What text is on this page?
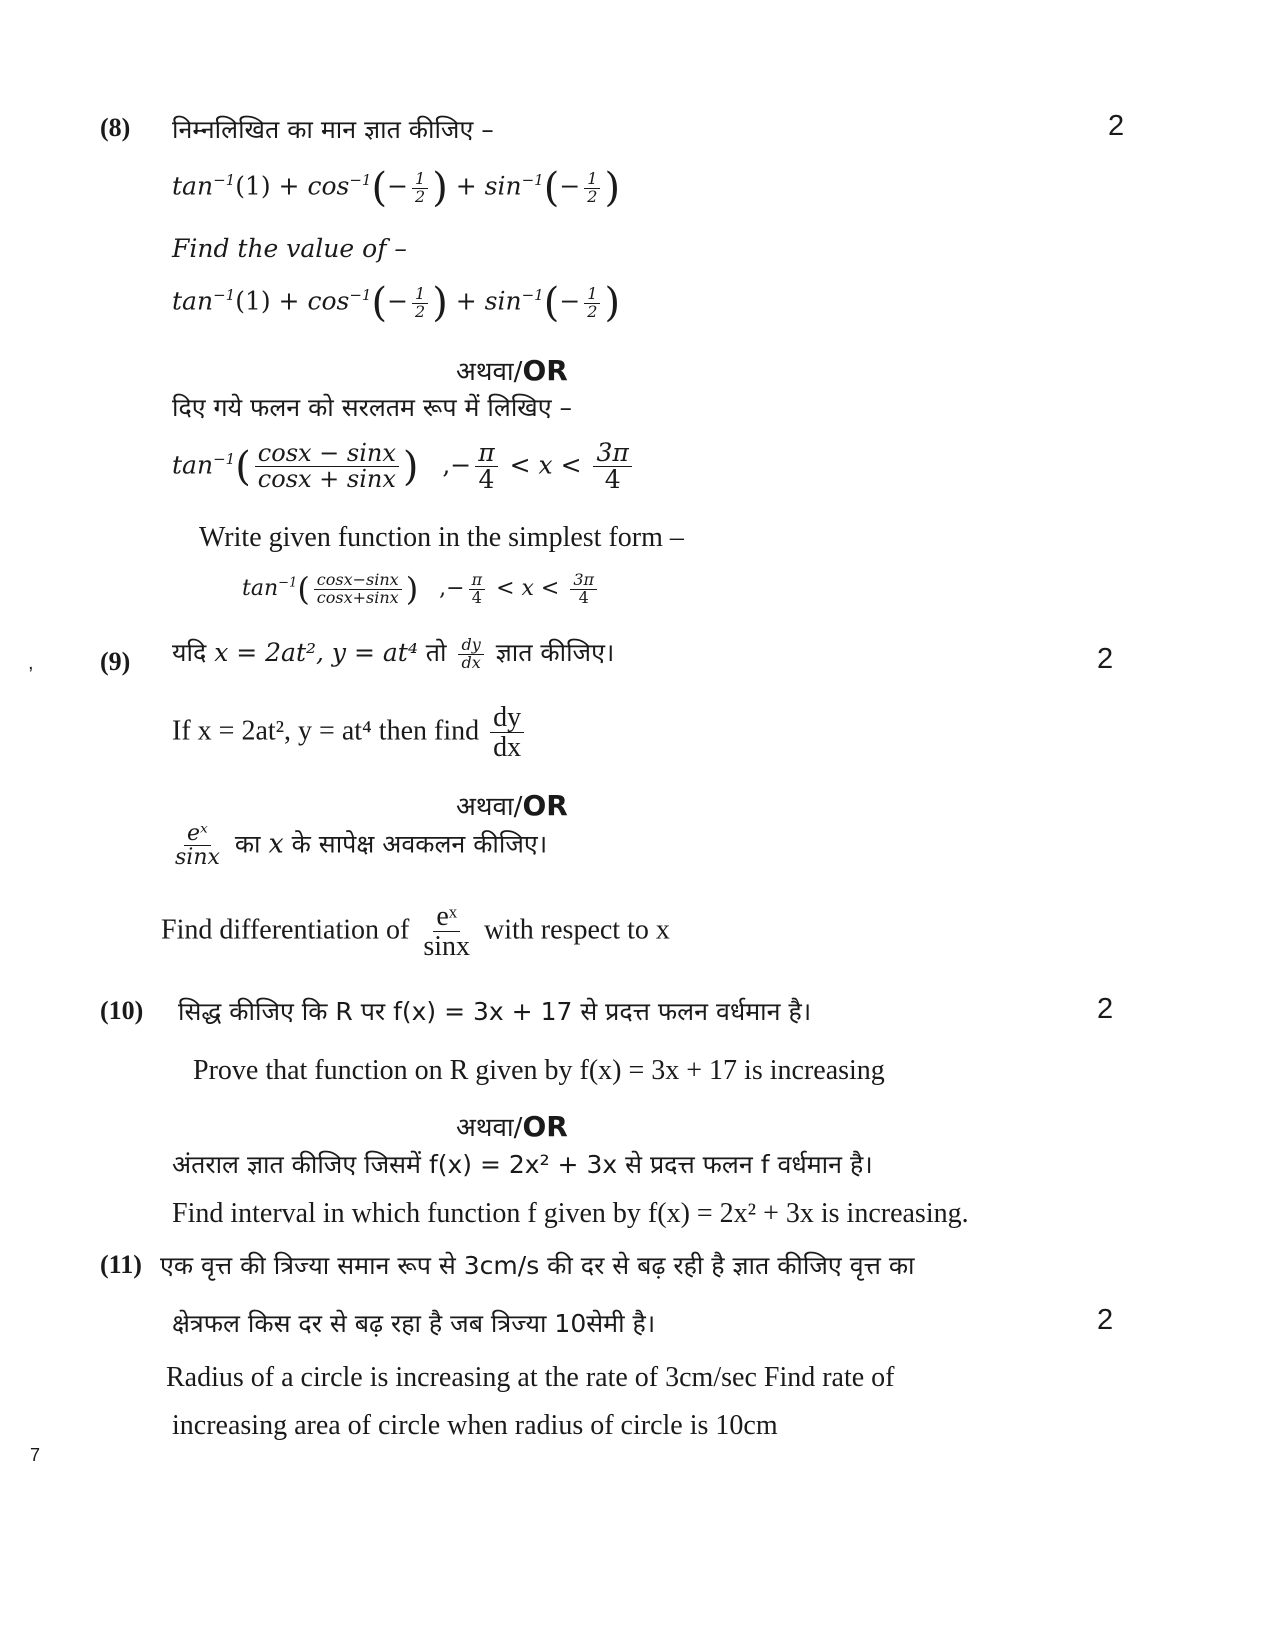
,
(8)	2
निम्नलिखित का मान ज्ञात कीजिए –
$\tan^{-1}(1) + \cos^{-1}(- \frac{1}{2}$ ) + $\sin^{-1}(- \frac{1}{2}$ )
Find the value of –
$\tan^{-1}(1) + \cos^{-1}(- \frac{1}{2}$ ) + $\sin^{-1}(- \frac{1}{2}$ )
अथवा/OR
दिए गये फलन को सरलतम रूप में लिखिए –
$\tan^{-1}( \frac{\cos x - \sin x}{\cos x + \sin x}$ ) ,− $\frac{\pi}{4} < x < \frac{3\pi}{4}$
Write given function in the simplest form –
$\tan^{-1}( \frac{\cos x-\sin x}{\cos x+\sin x}$ ) ,− $\frac{\pi}{4} < x < \frac{3\pi}{4}$
(9)	2
यदि x = 2at², y = at⁴ तो $\frac{dy}{dx}$ ज्ञात कीजिए।
If x = 2at², y = at⁴ then find $\frac{dy}{dx}$
अथवा/OR
$\frac{\text{eˣ}}{\sin x}$ का x के सापेक्ष अवकलन कीजिए।
Find differentiation of $\frac{\text{eˣ}}{\sin x}$ with respect to x
(10)	2
सिद्ध कीजिए कि R पर f(x) = 3x + 17 से प्रदत्त फलन वर्धमान है।
Prove that function on R given by f(x) = 3x + 17 is increasing
अथवा/OR
अंतराल ज्ञात कीजिए जिसमें f(x) = 2x² + 3x से प्रदत्त फलन f वर्धमान है।
Find interval in which function f given by f(x) = 2x² + 3x is increasing.
(11) एक वृत्त की त्रिज्या समान रूप से 3cm/s की दर से बढ़ रही है ज्ञात कीजिए वृत्त का
क्षेत्रफल किस दर से बढ़ रहा है जब त्रिज्या 10सेमी है।	2
Radius of a circle is increasing at the rate of 3cm/sec Find rate of
increasing area of circle when radius of circle is 10cm
7
